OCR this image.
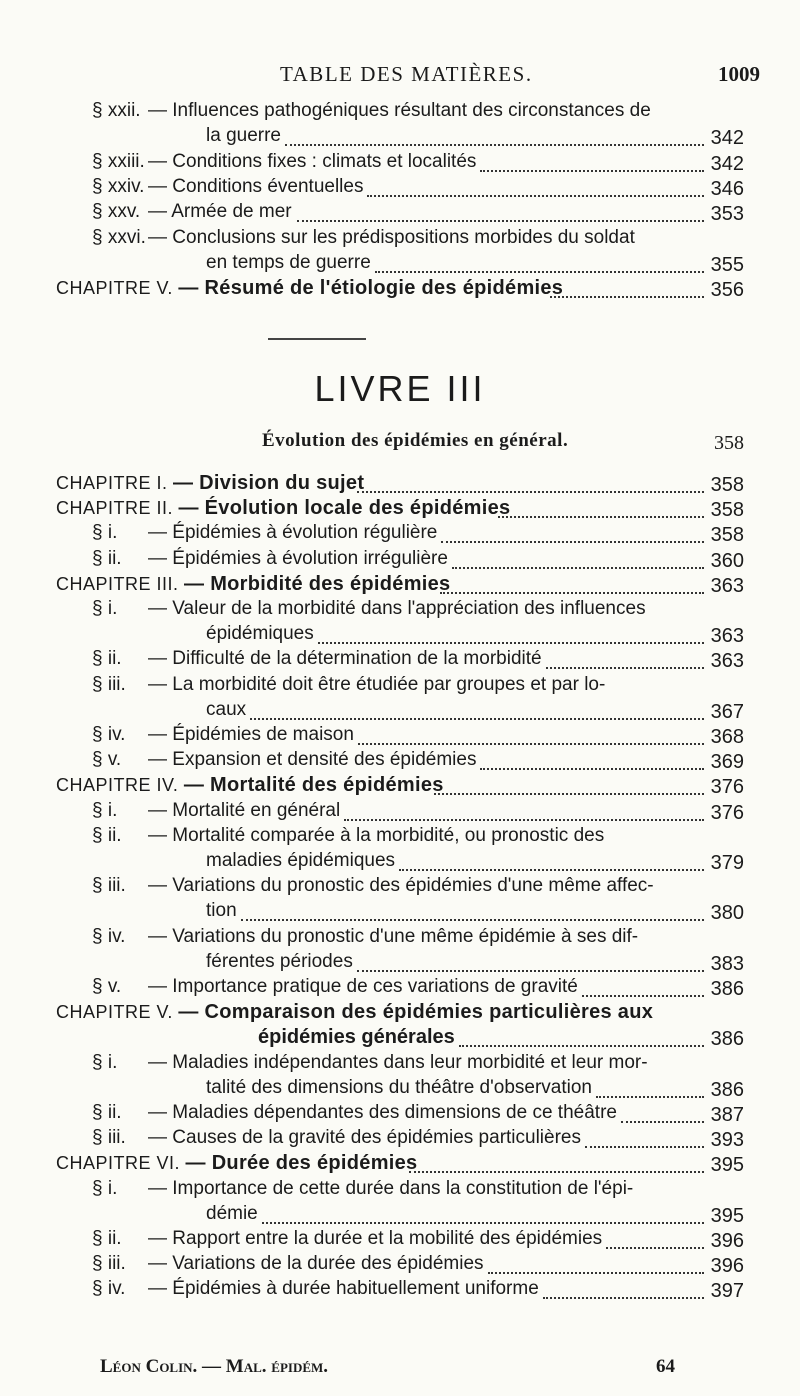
TABLE DES MATIÈRES.	1009
§ xxii.— Influences pathogéniques résultant des circonstances de
la guerre	342
§ xxiii.— Conditions fixes : climats et localités	342
§ xxiv.— Conditions éventuelles	346
§ xxv.— Armée de mer	353
§ xxvi.— Conclusions sur les prédispositions morbides du soldat
en temps de guerre	355
CHAPITRE V. — Résumé de l'étiologie des épidémies	356
LIVRE III
Évolution des épidémies en général.	358
CHAPITRE I. — Division du sujet	358
CHAPITRE II. — Évolution locale des épidémies	358
§ i.— Épidémies à évolution régulière	358
§ ii.— Épidémies à évolution irrégulière	360
CHAPITRE III. — Morbidité des épidémies	363
§ i.— Valeur de la morbidité dans l'appréciation des influences
épidémiques	363
§ ii.— Difficulté de la détermination de la morbidité	363
§ iii.— La morbidité doit être étudiée par groupes et par lo-
caux	367
§ iv.— Épidémies de maison	368
§ v.— Expansion et densité des épidémies	369
CHAPITRE IV. — Mortalité des épidémies	376
§ i.— Mortalité en général	376
§ ii.— Mortalité comparée à la morbidité, ou pronostic des
maladies épidémiques	379
§ iii.— Variations du pronostic des épidémies d'une même affec-
tion	380
§ iv.— Variations du pronostic d'une même épidémie à ses dif-
férentes périodes	383
§ v.— Importance pratique de ces variations de gravité	386
CHAPITRE V. — Comparaison des épidémies particulières aux
épidémies générales	386
§ i.— Maladies indépendantes dans leur morbidité et leur mor-
talité des dimensions du théâtre d'observation	386
§ ii.— Maladies dépendantes des dimensions de ce théâtre	387
§ iii.— Causes de la gravité des épidémies particulières	393
CHAPITRE VI. — Durée des épidémies	395
§ i.— Importance de cette durée dans la constitution de l'épi-
démie	395
§ ii.— Rapport entre la durée et la mobilité des épidémies	396
§ iii.— Variations de la durée des épidémies	396
§ iv.— Épidémies à durée habituellement uniforme	397
Léon Colin. — Mal. épidém.	64
